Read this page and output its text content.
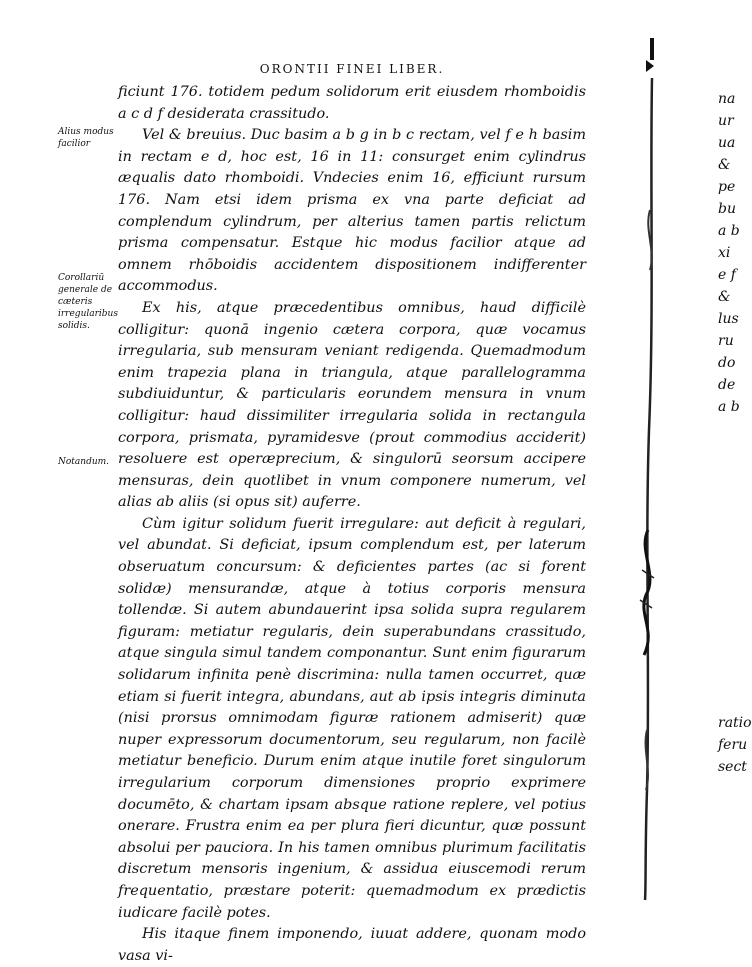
ORONTII FINEI LIBER.
Alius modus facilior
Corollariū generale de cæteris irregularibus solidis.
Notandum.

ficiunt 176. totidem pedum solidorum erit eiusdem rhomboidis a c d f desiderata crassitudo.

Vel & breuius. Duc basim a b g in b c rectam, vel f e h basim in rectam e d, hoc est, 16 in 11: consurget enim cylindrus æqualis dato rhomboidi. Vndecies enim 16, efficiunt rursum 176. Nam etsi idem prisma ex vna parte deficiat ad complendum cylindrum, per alterius tamen partis relictum prisma compensatur. Estque hic modus facilior atque ad omnem rhōboidis accidentem dispositionem indifferenter accommodus.

Ex his, atque præcedentibus omnibus, haud difficilè colligitur: quonā ingenio cætera corpora, quæ vocamus irregularia, sub mensuram veniant redigenda. Quemadmodum enim trapezia plana in triangula, atque parallelogramma subdiuiduntur, & particularis eorundem mensura in vnum colligitur: haud dissimiliter irregularia solida in rectangula corpora, prismata, pyramidesve (prout commodius acciderit) resoluere est operæprecium, & singulorū seorsum accipere mensuras, dein quotlibet in vnum componere numerum, vel alias ab aliis (si opus sit) auferre.

Cùm igitur solidum fuerit irregulare: aut deficit à regulari, vel abundat. Si deficiat, ipsum complendum est, per laterum obseruatum concursum: & deficientes partes (ac si forent solidæ) mensurandæ, atque à totius corporis mensura tollendæ. Si autem abundauerint ipsa solida supra regularem figuram: metiatur regularis, dein superabundans crassitudo, atque singula simul tandem componantur. Sunt enim figurarum solidarum infinita penè discrimina: nulla tamen occurret, quæ etiam si fuerit integra, abundans, aut ab ipsis integris diminuta (nisi prorsus omnimodam figuræ rationem admiserit) quæ nuper expressorum documentorum, seu regularum, non facilè metiatur beneficio. Durum enim atque inutile foret singulorum irregularium corporum dimensiones proprio exprimere documēto, & chartam ipsam absque ratione replere, vel potius onerare. Frustra enim ea per plura fieri dicuntur, quæ possunt absolui per pauciora. In his tamen omnibus plurimum facilitatis discretum mensoris ingenium, & assidua eiuscemodi rerum frequentatio, præstare poterit: quemadmodum ex prædictis iudicare facilè potes.

His itaque finem imponendo, iuuat addere, quonam modo vasa vi-

na
ur
ua
&
pe
bu
a b
xi
e f
&
lus
ru
do
de
a b
ratio
feru
sect
